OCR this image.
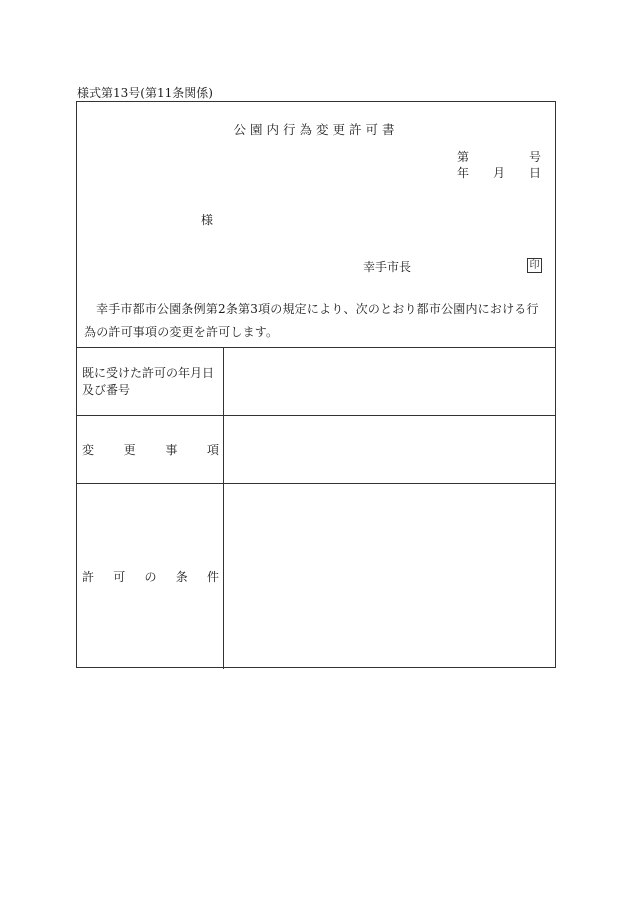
様式第13号(第11条関係)
公園内行為変更許可書
第	号
年 月 日
様
幸手市長	印
幸手市都市公園条例第2条第3項の規定により、次のとおり都市公園内における行為の許可事項の変更を許可します。
既に受けた許可の年月日
及び番号
変 更 事 項
許 可 の 条 件
